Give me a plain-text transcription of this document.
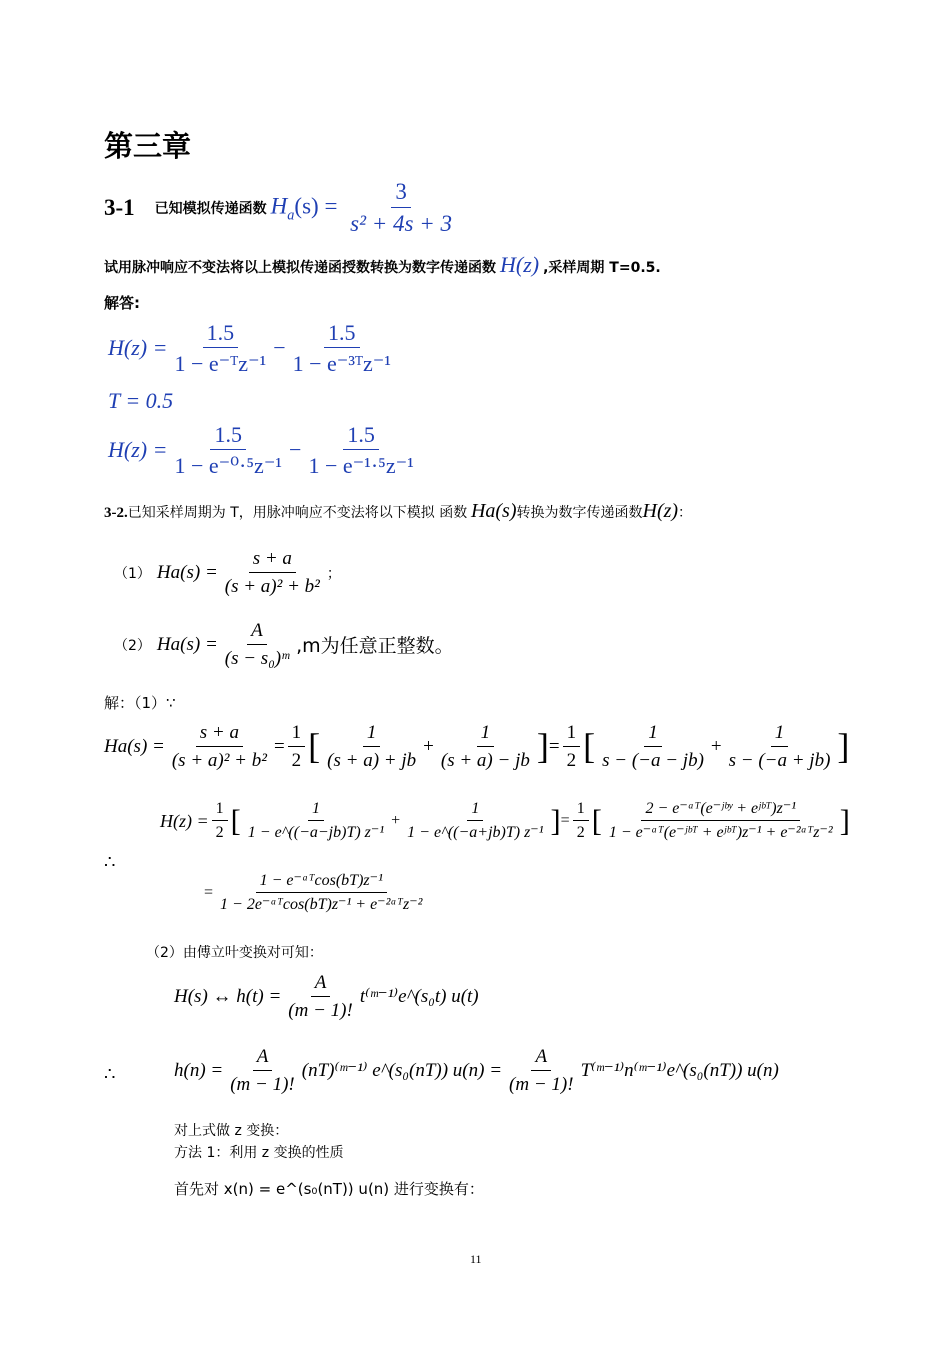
第三章
3-1 已知模拟传递函数 $H_a(s) = \frac{3}{\text{s² + 4s + 3}}$
试用脉冲响应不变法将以上模拟传递函授数转换为数字传递函数 H(z) ,采样周期 T=0.5.
解答:
$H(z) = \frac{1.5}{\text{1 − e⁻ᵀz⁻¹}} - \frac{1.5}{\text{1 − e⁻³ᵀz⁻¹}}$
T = 0.5
$H(z) = \frac{1.5}{\text{1 − e⁻⁰·⁵z⁻¹}} - \frac{1.5}{\text{1 − e⁻¹·⁵z⁻¹}}$
3-2.已知采样周期为 T，用脉冲响应不变法将以下模拟 函数 Ha(s)转换为数字传递函数H(z)：
（1） $Ha(s) = \frac{s + a}{\text{(s + a)² + b²}}$ ；
（2） $Ha(s) = \frac{A}{\text{(s − s₀)ᵐ}} ,m$为任意正整数。
解：（1）∵
$Ha(s) = \frac{s + a}{\text{(s + a)² + b²}} = \frac{1}{2}$ [ $\frac{1}{(s + a) + jb} + \frac{1}{(s + a) - jb}$ ] = $\frac{1}{2}$ [ $\frac{1}{s - (-a - jb)} + \frac{1}{s - (-a + jb)}$ ]
∴
$H(z) = \frac{1}{2}$ [ $\frac{1}{\text{1 − e\textasciicircum{}((−a−jb)T) z⁻¹}} + \frac{1}{\text{1 − e\textasciicircum{}((−a+jb)T) z⁻¹}}$ ] = $\frac{1}{2}$ [ $\frac{\text{2 − e⁻ᵃᵀ(e⁻ʲᵇʸ + eʲᵇᵀ)z⁻¹}}{\text{1 − e⁻ᵃᵀ(e⁻ʲᵇᵀ + eʲᵇᵀ)z⁻¹ + e⁻²ᵃᵀz⁻²}}$ ]
= $\frac{\text{1 − e⁻ᵃᵀcos(bT)z⁻¹}}{\text{1 − 2e⁻ᵃᵀcos(bT)z⁻¹ + e⁻²ᵃᵀz⁻²}}$
（2）由傅立叶变换对可知：
H(s) ↔ $h(t) = \frac{A}{(m - 1)!}$ t⁽ᵐ⁻¹⁾e^(s₀t) u(t)
∴	$h(n) = \frac{A}{(m - 1)!}$ (nT)⁽ᵐ⁻¹⁾ e^(s₀(nT)) $u(n) = \frac{A}{(m - 1)!}$ T⁽ᵐ⁻¹⁾n⁽ᵐ⁻¹⁾e^(s₀(nT)) u(n)
对上式做 z 变换：
方法 1：利用 z 变换的性质
首先对 x(n) = e^(s₀(nT)) u(n) 进行变换有：
11
